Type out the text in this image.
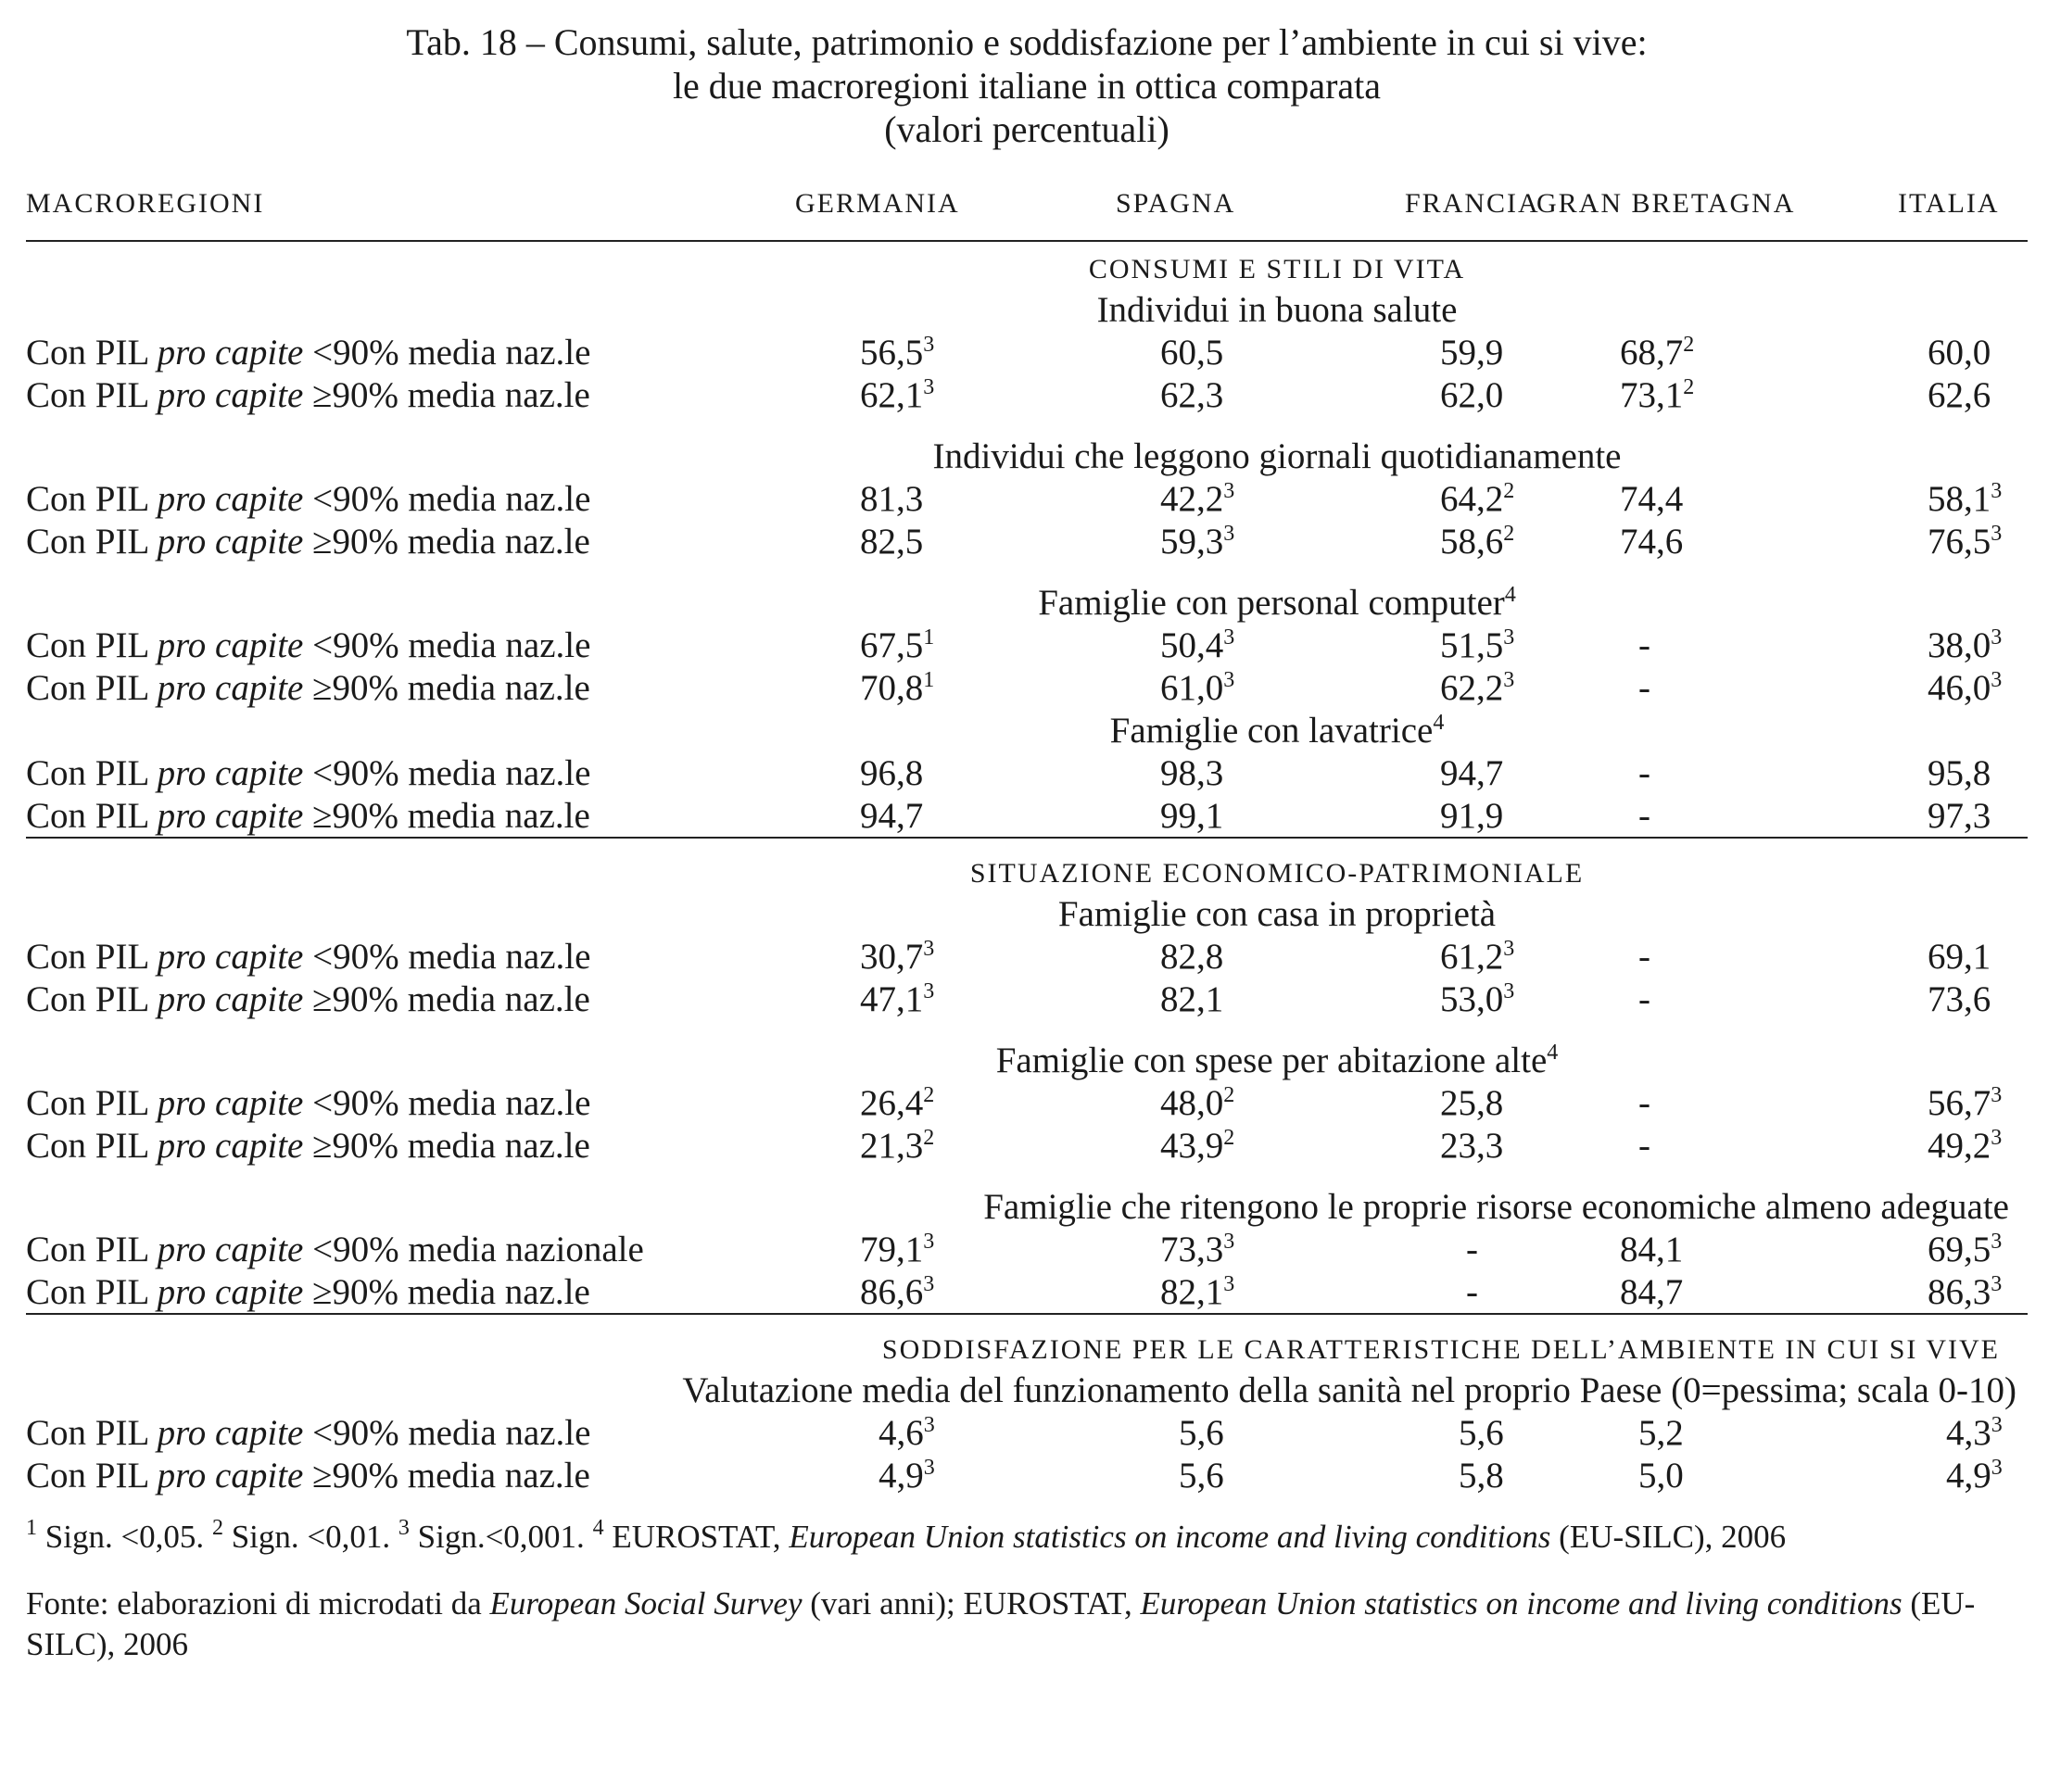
Tab. 18 – Consumi, salute, patrimonio e soddisfazione per l’ambiente in cui si vive:
le due macroregioni italiane in ottica comparata
(valori percentuali)
MACROREGIONI	GERMANIA	SPAGNA	FRANCIA	GRAN BRETAGNA	ITALIA
CONSUMI E STILI DI VITA					
Individui in buona salute					
Con PIL pro capite <90% media naz.le	56,5$^3$	60,5	59,9	68,7$^2$	60,0
Con PIL pro capite ≥90% media naz.le	62,1$^3$	62,3	62,0	73,1$^2$	62,6

Individui che leggono giornali quotidianamente					
Con PIL pro capite <90% media naz.le	81,3	42,2$^3$	64,2$^2$	74,4	58,1$^3$
Con PIL pro capite ≥90% media naz.le	82,5	59,3$^3$	58,6$^2$	74,6	76,5$^3$

Famiglie con personal computer$^4$
Con PIL pro capite <90% media naz.le	67,5$^1$	50,4$^3$	51,5$^3$	-	38,0$^3$
Con PIL pro capite ≥90% media naz.le	70,8$^1$	61,0$^3$	62,2$^3$	-	46,0$^3$
Famiglie con lavatrice$^4$
Con PIL pro capite <90% media naz.le	96,8	98,3	94,7	-	95,8
Con PIL pro capite ≥90% media naz.le	94,7	99,1	91,9	-	97,3
SITUAZIONE ECONOMICO-PATRIMONIALE					
Famiglie con casa in proprietà					
Con PIL pro capite <90% media naz.le	30,7$^3$	82,8	61,2$^3$	-	69,1
Con PIL pro capite ≥90% media naz.le	47,1$^3$	82,1	53,0$^3$	-	73,6

Famiglie con spese per abitazione alte$^4$
Con PIL pro capite <90% media naz.le	26,4$^2$	48,0$^2$	25,8	-	56,7$^3$
Con PIL pro capite ≥90% media naz.le	21,3$^2$	43,9$^2$	23,3	-	49,2$^3$

Famiglie che ritengono le proprie risorse economiche almeno adeguate					
Con PIL pro capite <90% media nazionale	79,1$^3$	73,3$^3$	-	84,1	69,5$^3$
Con PIL pro capite ≥90% media naz.le	86,6$^3$	82,1$^3$	-	84,7	86,3$^3$
SODDISFAZIONE PER LE CARATTERISTICHE DELL’AMBIENTE IN CUI SI VIVE					
Valutazione media del funzionamento della sanità nel proprio Paese (0=pessima; scala 0-10)					
Con PIL pro capite <90% media naz.le	$4,6^3$	5,6	5,6	5,2	$4,3^3$
Con PIL pro capite ≥90% media naz.le	$4,9^3$	5,6	5,8	5,0	$4,9^3$
$^1$ Sign. <0,05. $^2$ Sign. <0,01. $^3$ Sign.<0,001. $^4$ EUROSTAT, European Union statistics on income and living conditions (EU-SILC), 2006
Fonte: elaborazioni di microdati da European Social Survey (vari anni); EUROSTAT, European Union statistics on income and living conditions (EU-SILC), 2006
